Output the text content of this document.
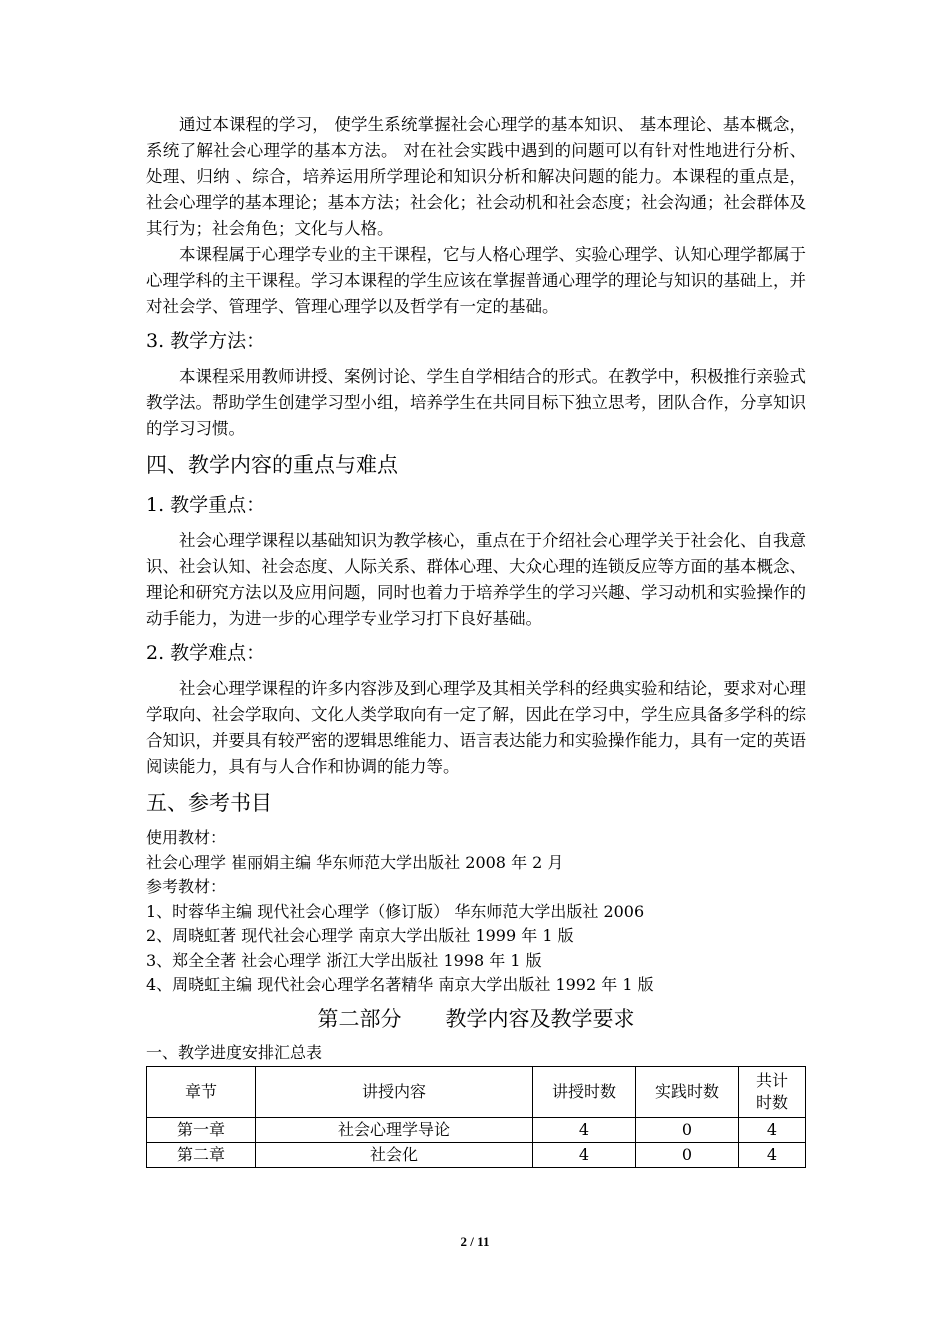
通过本课程的学习， 使学生系统掌握社会心理学的基本知识、 基本理论、基本概念，系统了解社会心理学的基本方法。 对在社会实践中遇到的问题可以有针对性地进行分析、处理、归纳 、综合，培养运用所学理论和知识分析和解决问题的能力。本课程的重点是，社会心理学的基本理论；基本方法；社会化；社会动机和社会态度；社会沟通；社会群体及其行为；社会角色；文化与人格。

本课程属于心理学专业的主干课程，它与人格心理学、实验心理学、认知心理学都属于心理学科的主干课程。学习本课程的学生应该在掌握普通心理学的理论与知识的基础上，并对社会学、管理学、管理心理学以及哲学有一定的基础。

3. 教学方法：

本课程采用教师讲授、案例讨论、学生自学相结合的形式。在教学中，积极推行亲验式教学法。帮助学生创建学习型小组，培养学生在共同目标下独立思考，团队合作，分享知识的学习习惯。

四、教学内容的重点与难点

1. 教学重点：

社会心理学课程以基础知识为教学核心，重点在于介绍社会心理学关于社会化、自我意识、社会认知、社会态度、人际关系、群体心理、大众心理的连锁反应等方面的基本概念、理论和研究方法以及应用问题，同时也着力于培养学生的学习兴趣、学习动机和实验操作的动手能力，为进一步的心理学专业学习打下良好基础。

2. 教学难点：

社会心理学课程的许多内容涉及到心理学及其相关学科的经典实验和结论，要求对心理学取向、社会学取向、文化人类学取向有一定了解，因此在学习中，学生应具备多学科的综合知识，并要具有较严密的逻辑思维能力、语言表达能力和实验操作能力，具有一定的英语阅读能力，具有与人合作和协调的能力等。

五、参考书目

使用教材：

社会心理学 崔丽娟主编 华东师范大学出版社 2008 年 2 月

参考教材：

1、时蓉华主编 现代社会心理学（修订版） 华东师范大学出版社 2006

2、周晓虹著 现代社会心理学 南京大学出版社 1999 年 1 版

3、郑全全著 社会心理学 浙江大学出版社 1998 年 1 版

4、周晓虹主编 现代社会心理学名著精华 南京大学出版社 1992 年 1 版

第二部分 教学内容及教学要求

一、教学进度安排汇总表

章节	讲授内容	讲授时数	实践时数	共计
时数
第一章	社会心理学导论	4	0	4
第二章	社会化	4	0	4
2 / 11
